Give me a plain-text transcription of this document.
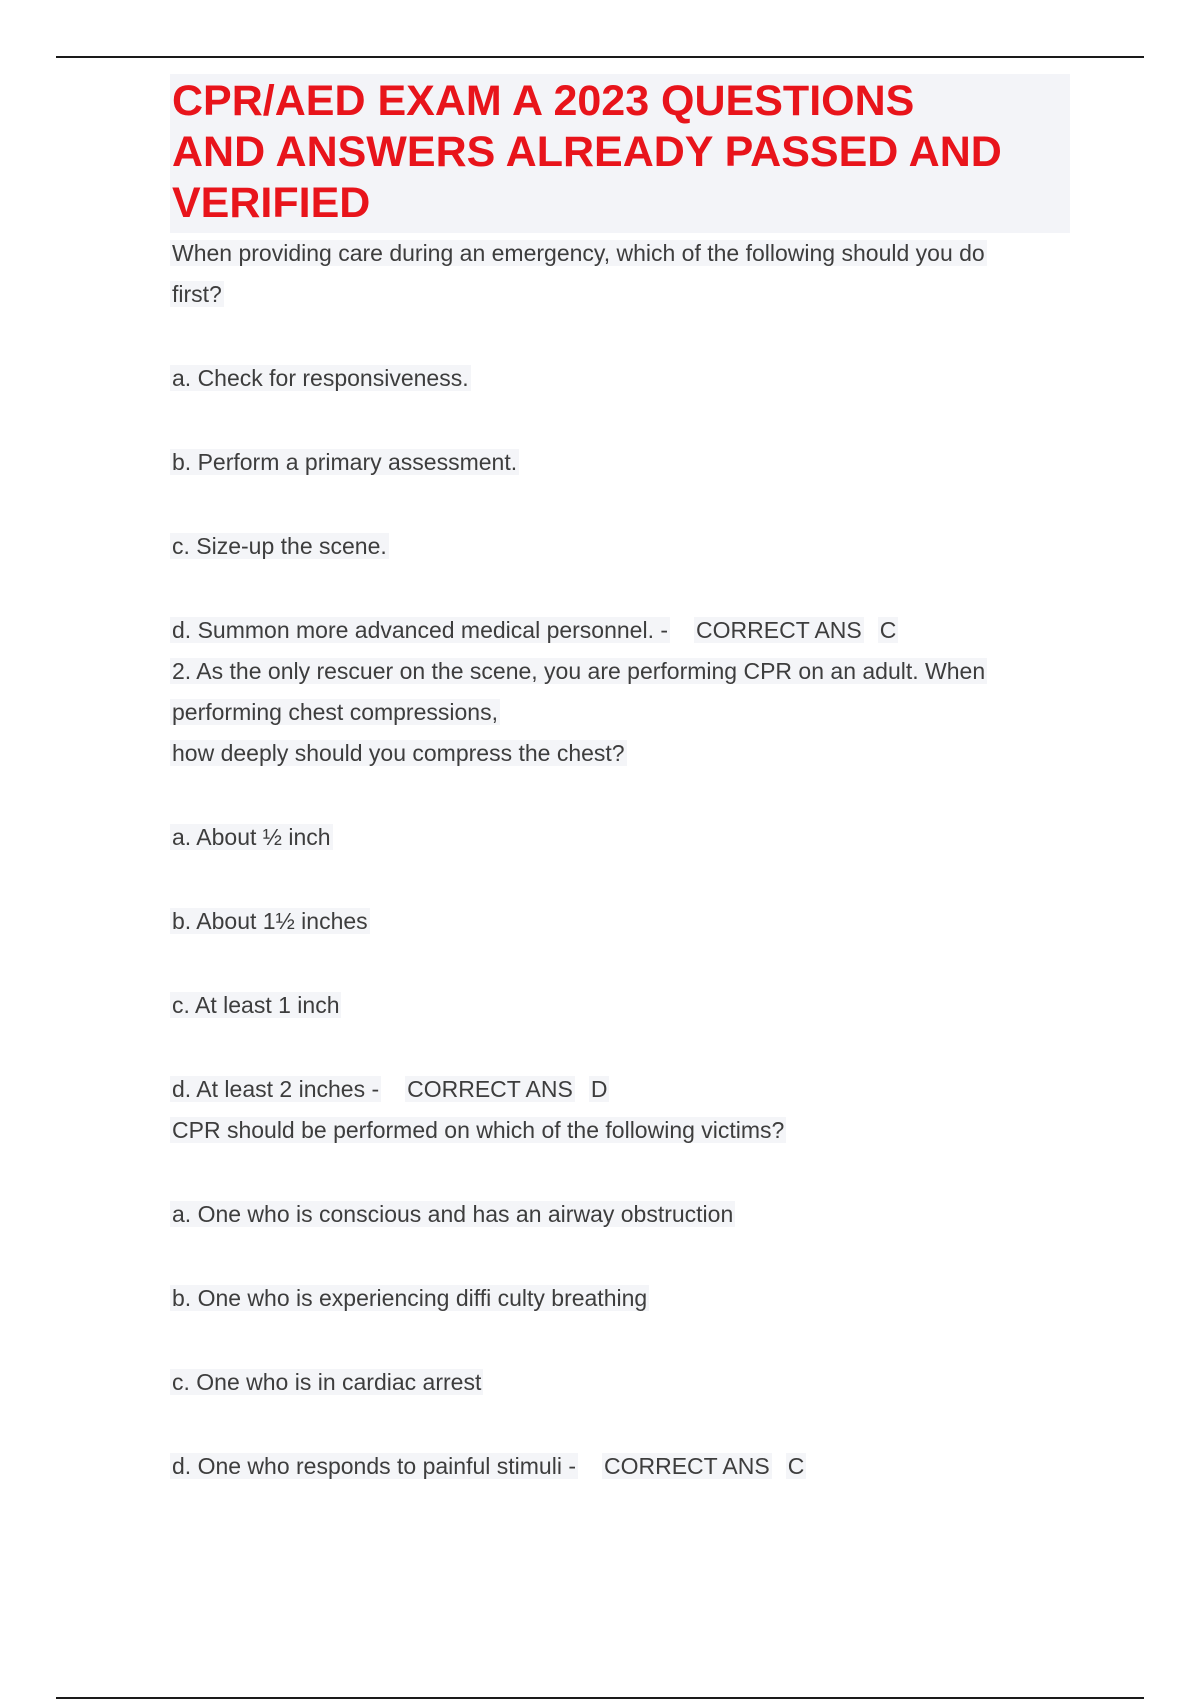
CPR/AED EXAM A 2023 QUESTIONS
AND ANSWERS ALREADY PASSED AND
VERIFIED
When providing care during an emergency, which of the following should you do
first?
a. Check for responsiveness.
b. Perform a primary assessment.
c. Size-up the scene.
d. Summon more advanced medical personnel. - CORRECT ANS C
2. As the only rescuer on the scene, you are performing CPR on an adult. When
performing chest compressions,
how deeply should you compress the chest?
a. About ½ inch
b. About 1½ inches
c. At least 1 inch
d. At least 2 inches - CORRECT ANS D
CPR should be performed on which of the following victims?
a. One who is conscious and has an airway obstruction
b. One who is experiencing diffi culty breathing
c. One who is in cardiac arrest
d. One who responds to painful stimuli - CORRECT ANS C
